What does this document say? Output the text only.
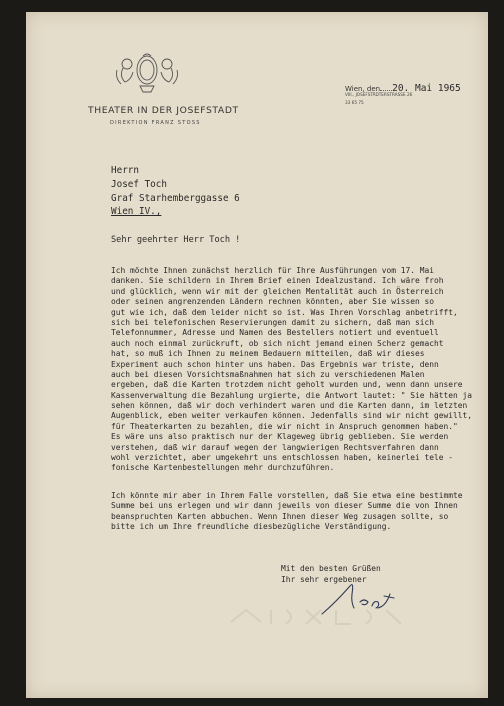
THEATER IN DER JOSEFSTADT
DIREKTION FRANZ STOSS
Wien, den 20. Mai 1965
VIII., JOSEFSTÄDTERSTRASSE 26
33 65 75
Herrn
Josef Toch
Graf Starhemberggasse 6
Wien IV.,
Sehr geehrter Herr Toch !
Ich möchte Ihnen zunächst herzlich für Ihre Ausführungen vom 17. Mai
danken. Sie schildern in Ihrem Brief einen Idealzustand. Ich wäre froh
und glücklich, wenn wir mit der gleichen Mentalität auch in Österreich
oder seinen angrenzenden Ländern rechnen könnten, aber Sie wissen so
gut wie ich, daß dem leider nicht so ist. Was Ihren Vorschlag anbetrifft,
sich bei telefonischen Reservierungen damit zu sichern, daß man sich
Telefonnummer, Adresse und Namen des Bestellers notiert und eventuell
auch noch einmal zurückruft, ob sich nicht jemand einen Scherz gemacht
hat, so muß ich Ihnen zu meinem Bedauern mitteilen, daß wir dieses
Experiment auch schon hinter uns haben. Das Ergebnis war triste, denn
auch bei diesen Vorsichtsmaßnahmen hat sich zu verschiedenen Malen
ergeben, daß die Karten trotzdem nicht geholt wurden und, wenn dann unsere
Kassenverwaltung die Bezahlung urgierte, die Antwort lautet: " Sie hätten ja
sehen können, daß wir doch verhindert waren und die Karten dann, im letzten
Augenblick, eben weiter verkaufen können. Jedenfalls sind wir nicht gewillt,
für Theaterkarten zu bezahlen, die wir nicht in Anspruch genommen haben."
Es wäre uns also praktisch nur der Klageweg übrig geblieben. Sie werden
verstehen, daß wir darauf wegen der langwierigen Rechtsverfahren dann
wohl verzichtet, aber umgekehrt uns entschlossen haben, keinerlei tele -
fonische Kartenbestellungen mehr durchzuführen.
Ich könnte mir aber in Ihrem Falle vorstellen, daß Sie etwa eine bestimmte
Summe bei uns erlegen und wir dann jeweils von dieser Summe die von Ihnen
beanspruchten Karten abbuchen. Wenn Ihnen dieser Weg zusagen sollte, so
bitte ich um Ihre freundliche diesbezügliche Verständigung.
Mit den besten Grüßen
Ihr sehr ergebener
